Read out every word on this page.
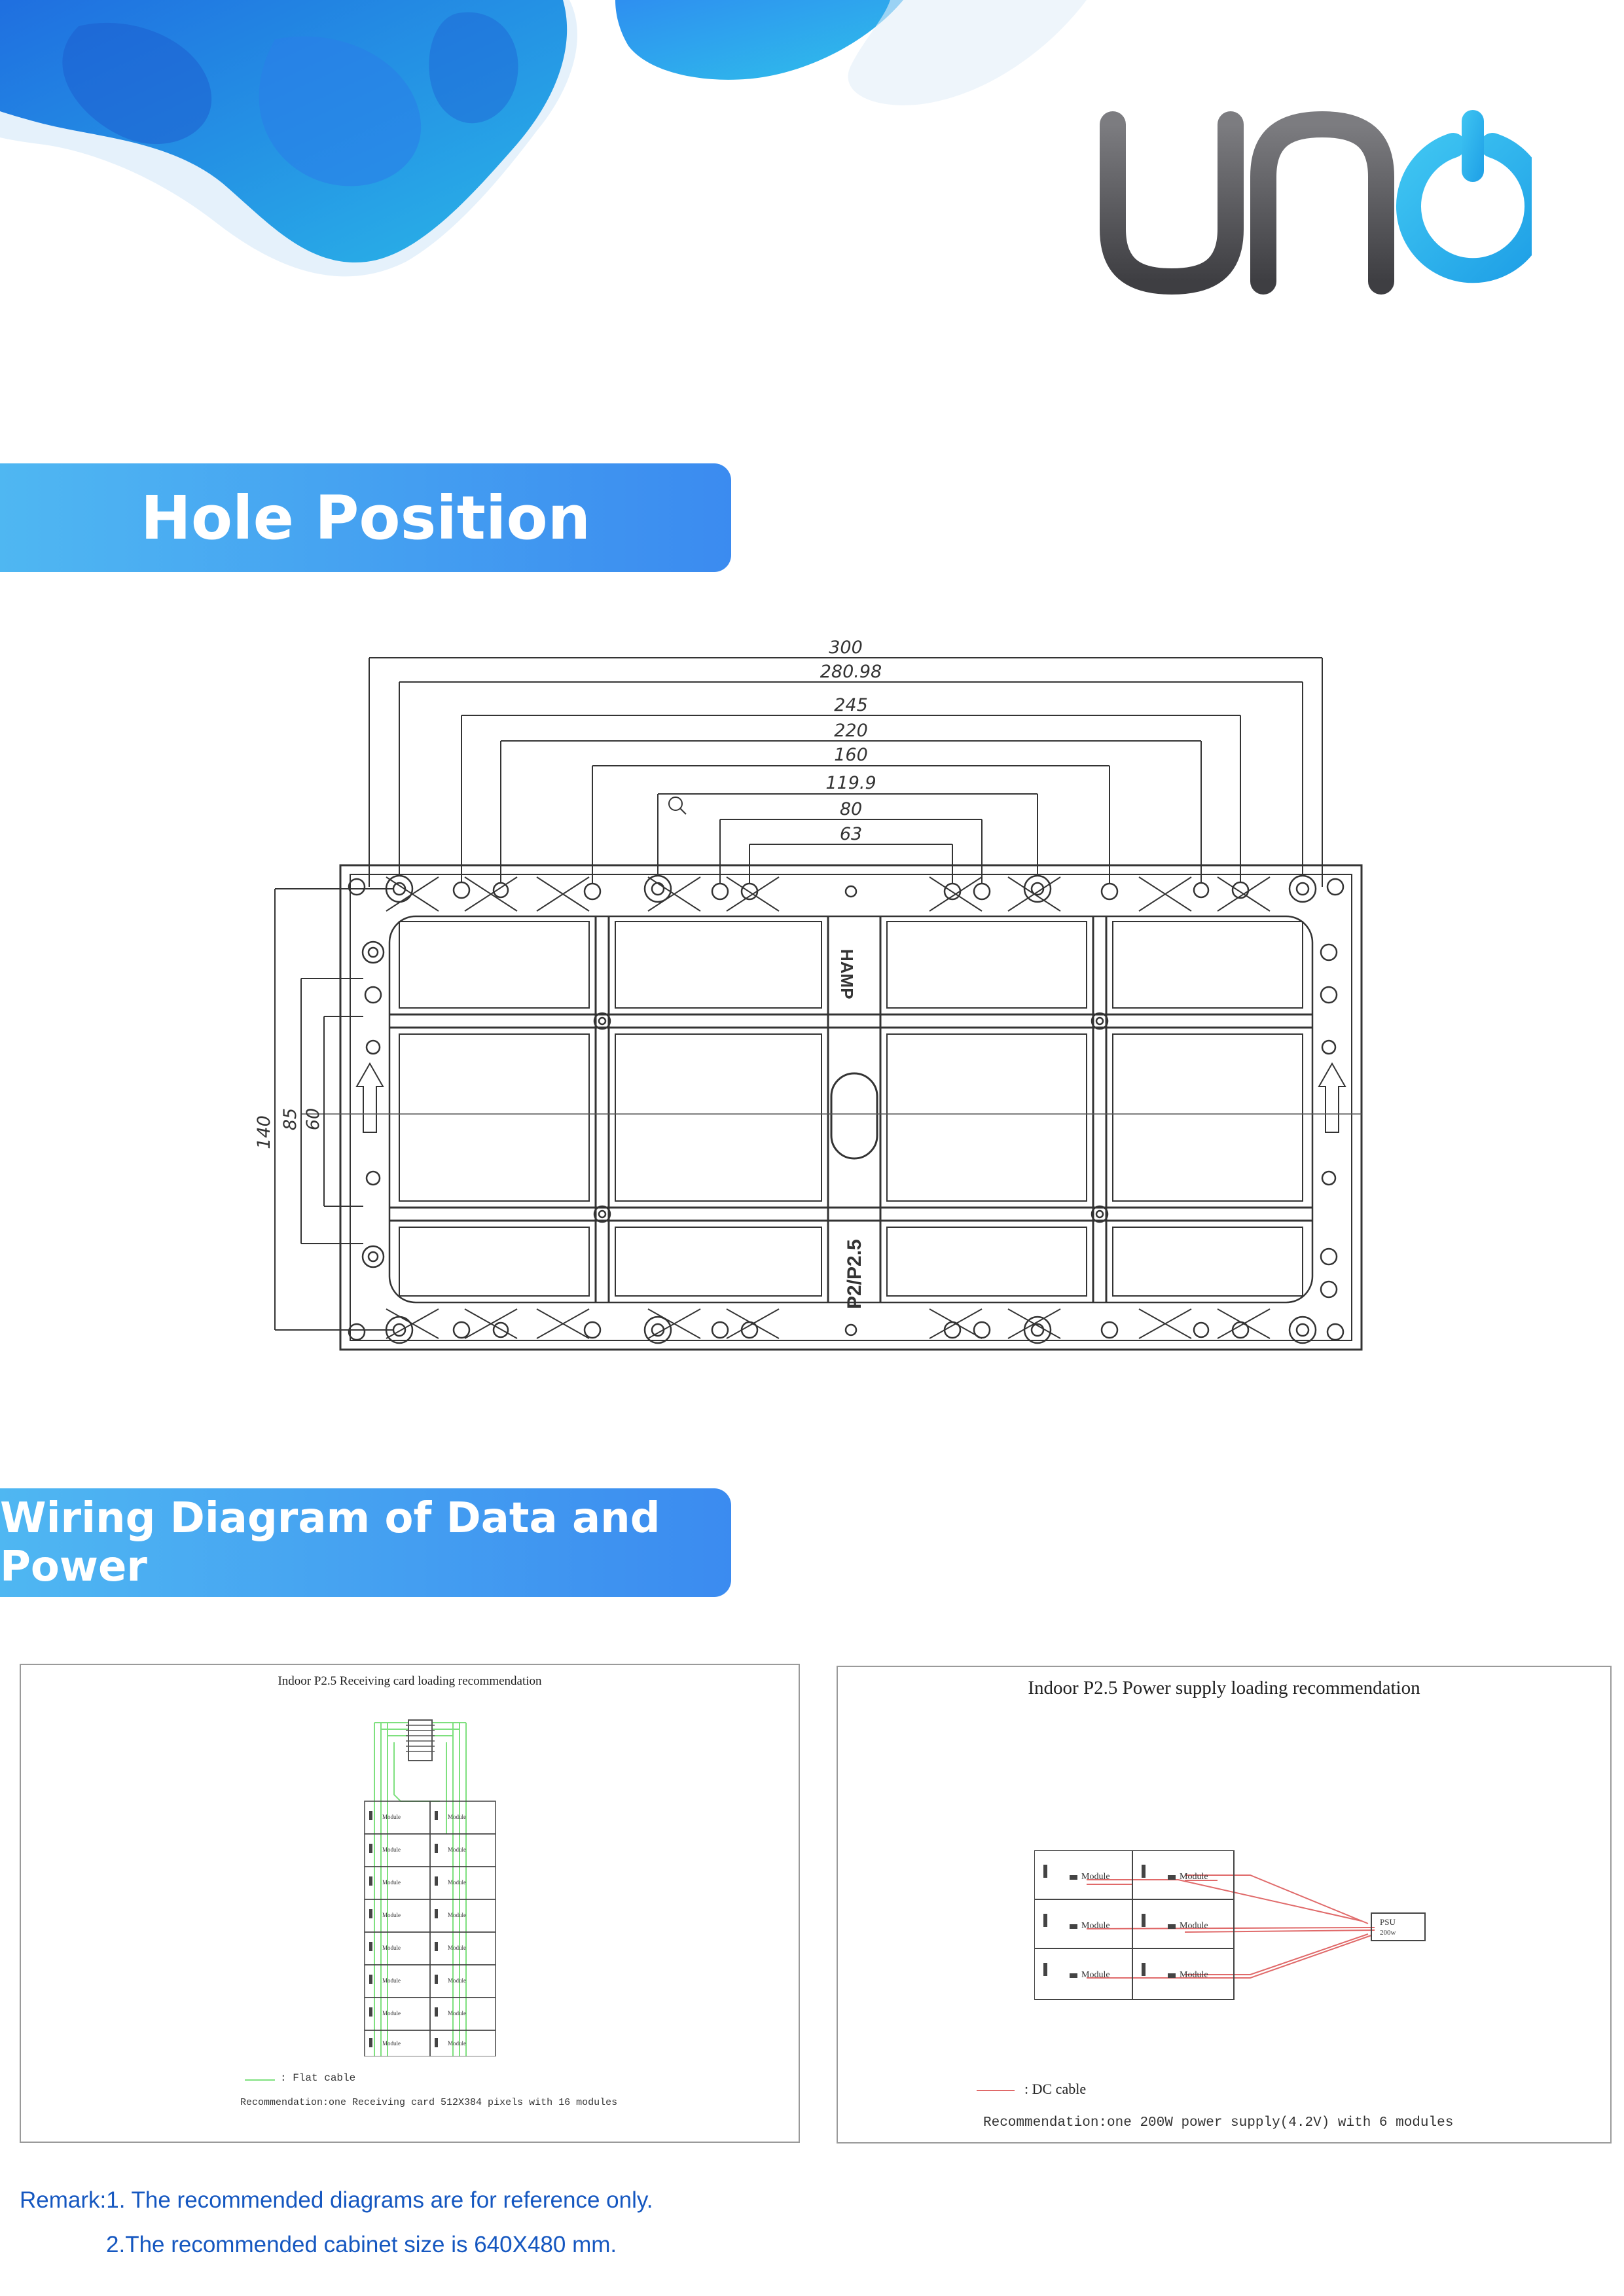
Hole Position
HAMP
P2/P2.5
300
280.98
245
220
160
119.9
80
63
140 85 60
Wiring Diagram of Data and Power
Indoor P2.5 Receiving card loading recommendation
Module	Module
Module	Module
Module	Module
Module	Module
Module	Module
Module	Module
Module	Module
Module	Module
: Flat cable
Recommendation:one Receiving card 512X384 pixels with 16 modules
Indoor P2.5 Power supply loading recommendation
Module	Module
Module	Module
Module	Module
PSU
200w
: DC cable
Recommendation:one 200W power supply(4.2V) with 6 modules
Remark:1. The recommended diagrams are for reference only.
2.The recommended cabinet size is 640X480 mm.
